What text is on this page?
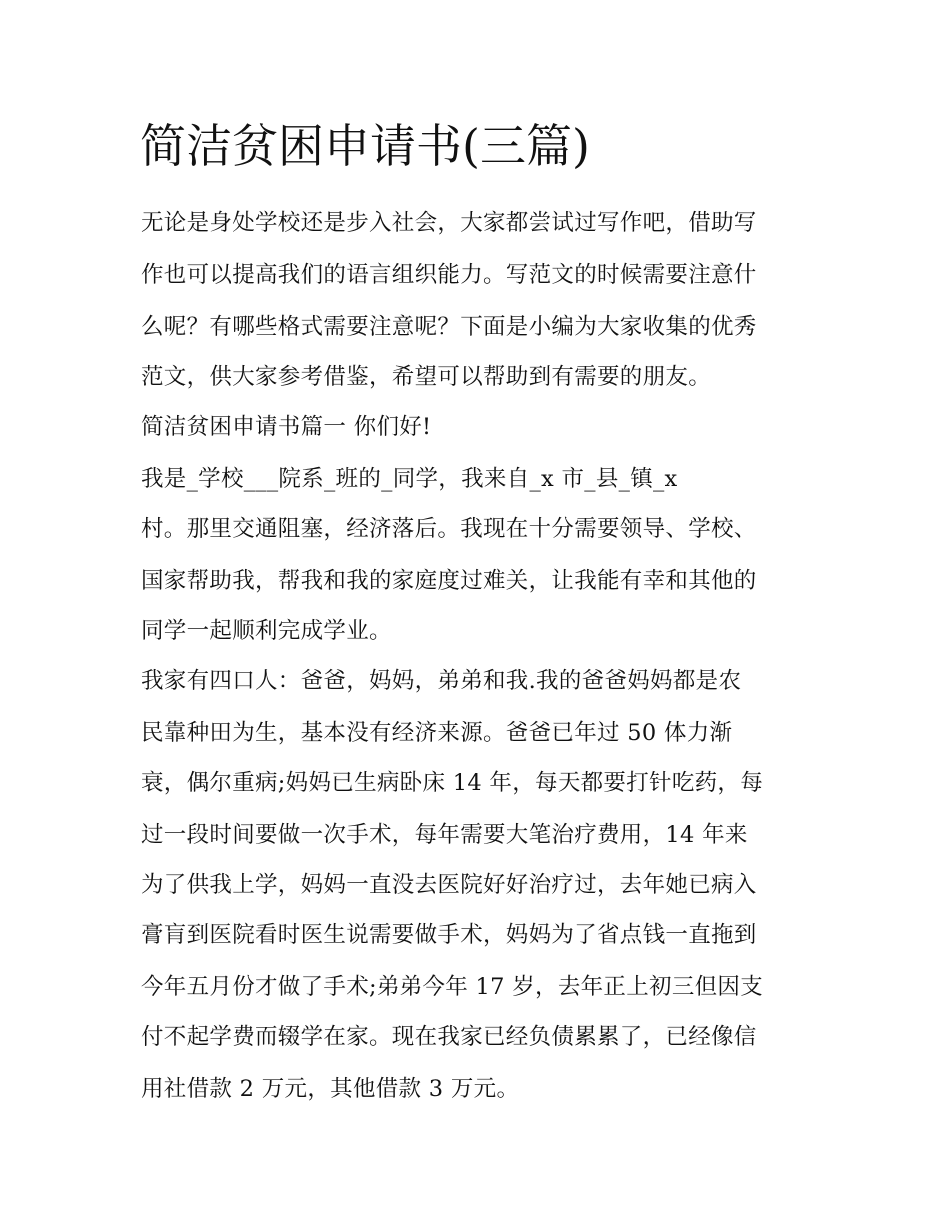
简洁贫困申请书(三篇)
无论是身处学校还是步入社会，大家都尝试过写作吧，借助写
作也可以提高我们的语言组织能力。写范文的时候需要注意什
么呢？有哪些格式需要注意呢？下面是小编为大家收集的优秀
范文，供大家参考借鉴，希望可以帮助到有需要的朋友。
简洁贫困申请书篇一 你们好!
我是_学校___院系_班的_同学，我来自_x 市_县_镇_x
村。那里交通阻塞，经济落后。我现在十分需要领导、学校、
国家帮助我，帮我和我的家庭度过难关，让我能有幸和其他的
同学一起顺利完成学业。
我家有四口人：爸爸，妈妈，弟弟和我.我的爸爸妈妈都是农
民靠种田为生，基本没有经济来源。爸爸已年过 50 体力渐
衰，偶尔重病;妈妈已生病卧床 14 年，每天都要打针吃药，每
过一段时间要做一次手术，每年需要大笔治疗费用，14 年来
为了供我上学，妈妈一直没去医院好好治疗过，去年她已病入
膏肓到医院看时医生说需要做手术，妈妈为了省点钱一直拖到
今年五月份才做了手术;弟弟今年 17 岁，去年正上初三但因支
付不起学费而辍学在家。现在我家已经负债累累了，已经像信
用社借款 2 万元，其他借款 3 万元。
